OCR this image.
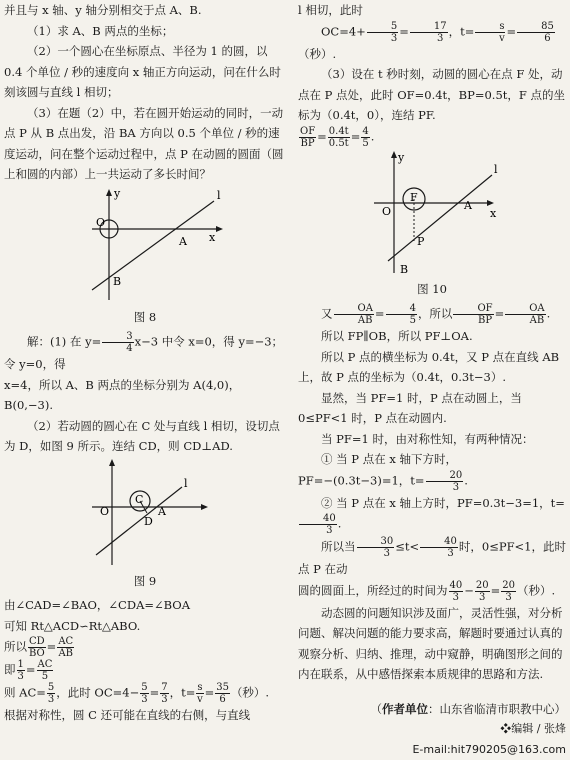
并且与 x 轴、y 轴分别相交于点 A、B.

（1）求 A、B 两点的坐标；

（2）一个圆心在坐标原点、半径为 1 的圆，以 0.4 个单位 / 秒的速度向 x 轴正方向运动，问在什么时刻该圆与直线 l 相切；

（3）在题（2）中，若在圆开始运动的同时，一动点 P 从 B 点出发，沿 BA 方向以 0.5 个单位 / 秒的速度运动，问在整个运动过程中，点 P 在动圆的圆面（圆上和圆的内部）上一共运动了多长时间？

y
O
A
B
x
l

图 8

解：(1) 在 $y= \frac{3}{4} x-3$ 中令 x=0，得 y=−3；令 y=0，得

x=4，所以 A、B 两点的坐标分别为 A(4,0)，B(0,−3).

（2）若动圆的圆心在 C 处与直线 l 相切，设切点为 D，如图 9 所示。连结 CD，则 CD⊥AD.

O
C
D
A
l

图 9

由∠CAD=∠BAO，∠CDA=∠BOA

可知 Rt△ACD∽Rt△ABO.

所以 $\frac{CD}{BO} = \frac{AC}{AB}$

即 $\frac{1}{3} = \frac{AC}{5}$

则 $AC= \frac{5}{3}$ ，此时 $OC=4- \frac{5}{3} = \frac{7}{3}$ ，$t= \frac{s}{v} = \frac{35}{6}$ （秒）.

根据对称性，圆 C 还可能在直线的右侧，与直线

l 相切，此时

$OC=4+ \frac{5}{3} = \frac{17}{3}$ ，$t= \frac{s}{v} = \frac{85}{6}$
（秒）.

（3）设在 t 秒时刻，动圆的圆心在点 F 处，动点在 P 点处，此时 OF=0.4t，BP=0.5t，F 点的坐标为（0.4t，0），连结 PF.

$\frac{OF}{BP} = \frac{0.4t}{0.5t} = \frac{4}{5}$ .

y
O
F
P
A
B
x
l

图 10

又 $\frac{OA}{AB} = \frac{4}{5}$ ，所以 $\frac{OF}{BP} = \frac{OA}{AB}$ .

所以 FP∥OB，所以 PF⊥OA.

所以 P 点的横坐标为 0.4t，又 P 点在直线 AB 上，故 P 点的坐标为（0.4t，0.3t−3）.

显然，当 PF=1 时，P 点在动圆上，当 0≤PF<1 时，P 点在动圆内.

当 PF=1 时，由对称性知，有两种情况：

① 当 P 点在 x 轴下方时，PF=−(0.3t−3)=1，$t= \frac{20}{3}$ .

② 当 P 点在 x 轴上方时，PF=0.3t−3=1，t=
$\frac{40}{3}$ .

所以当 $\frac{30}{3} \le t< \frac{40}{3}$ 时，0≤PF<1，此时点 P 在动

圆的圆面上，所经过的时间为 $\frac{40}{3} - \frac{20}{3} = \frac{20}{3}$ （秒）.

动态圆的问题知识涉及面广，灵活性强，对分析问题、解决问题的能力要求高，解题时要通过认真的观察分析、归纳、推理，动中窥静，明确图形之间的内在联系，从中感悟探索本质规律的思路和方法.

（作者单位：山东省临清市职教中心）

❖编辑 / 张烽

E-mail:hit790205@163.com
